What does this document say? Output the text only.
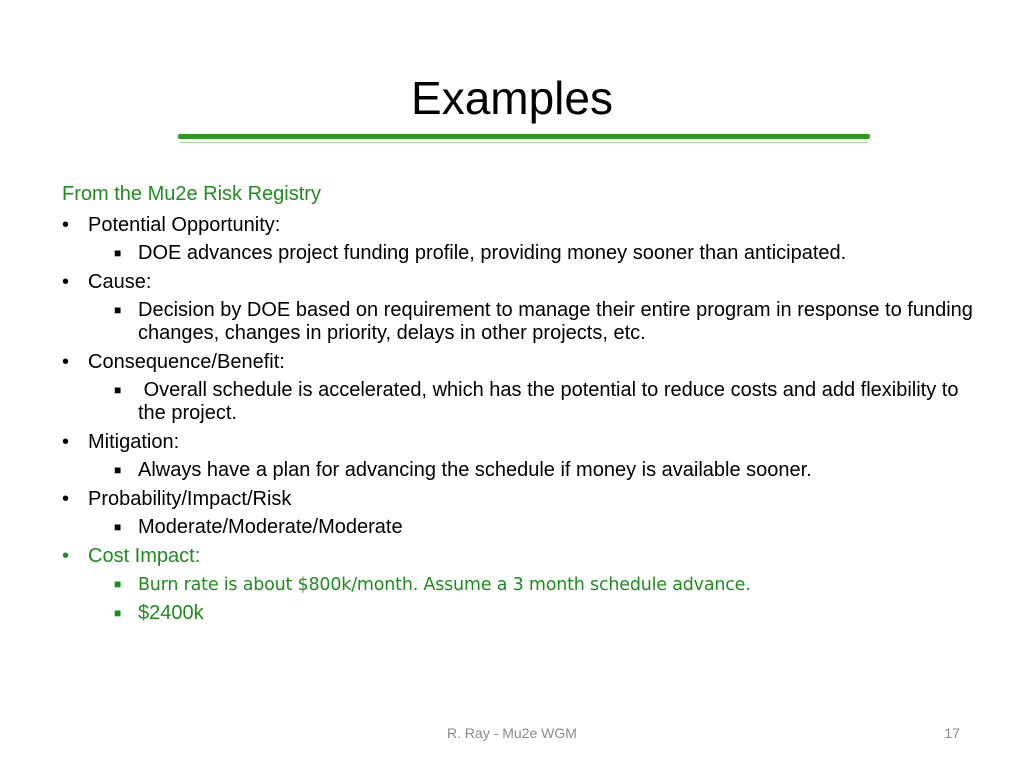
Examples
From the Mu2e Risk Registry
• Potential Opportunity:
■ DOE advances project funding profile, providing money sooner than anticipated.
• Cause:
■ Decision by DOE based on requirement to manage their entire program in response to funding changes, changes in priority, delays in other projects, etc.
• Consequence/Benefit:
■ Overall schedule is accelerated, which has the potential to reduce costs and add flexibility to the project.
• Mitigation:
■ Always have a plan for advancing the schedule if money is available sooner.
• Probability/Impact/Risk
■ Moderate/Moderate/Moderate
• Cost Impact:
■ Burn rate is about $800k/month. Assume a 3 month schedule advance.
■ $2400k
R. Ray - Mu2e WGM	17
